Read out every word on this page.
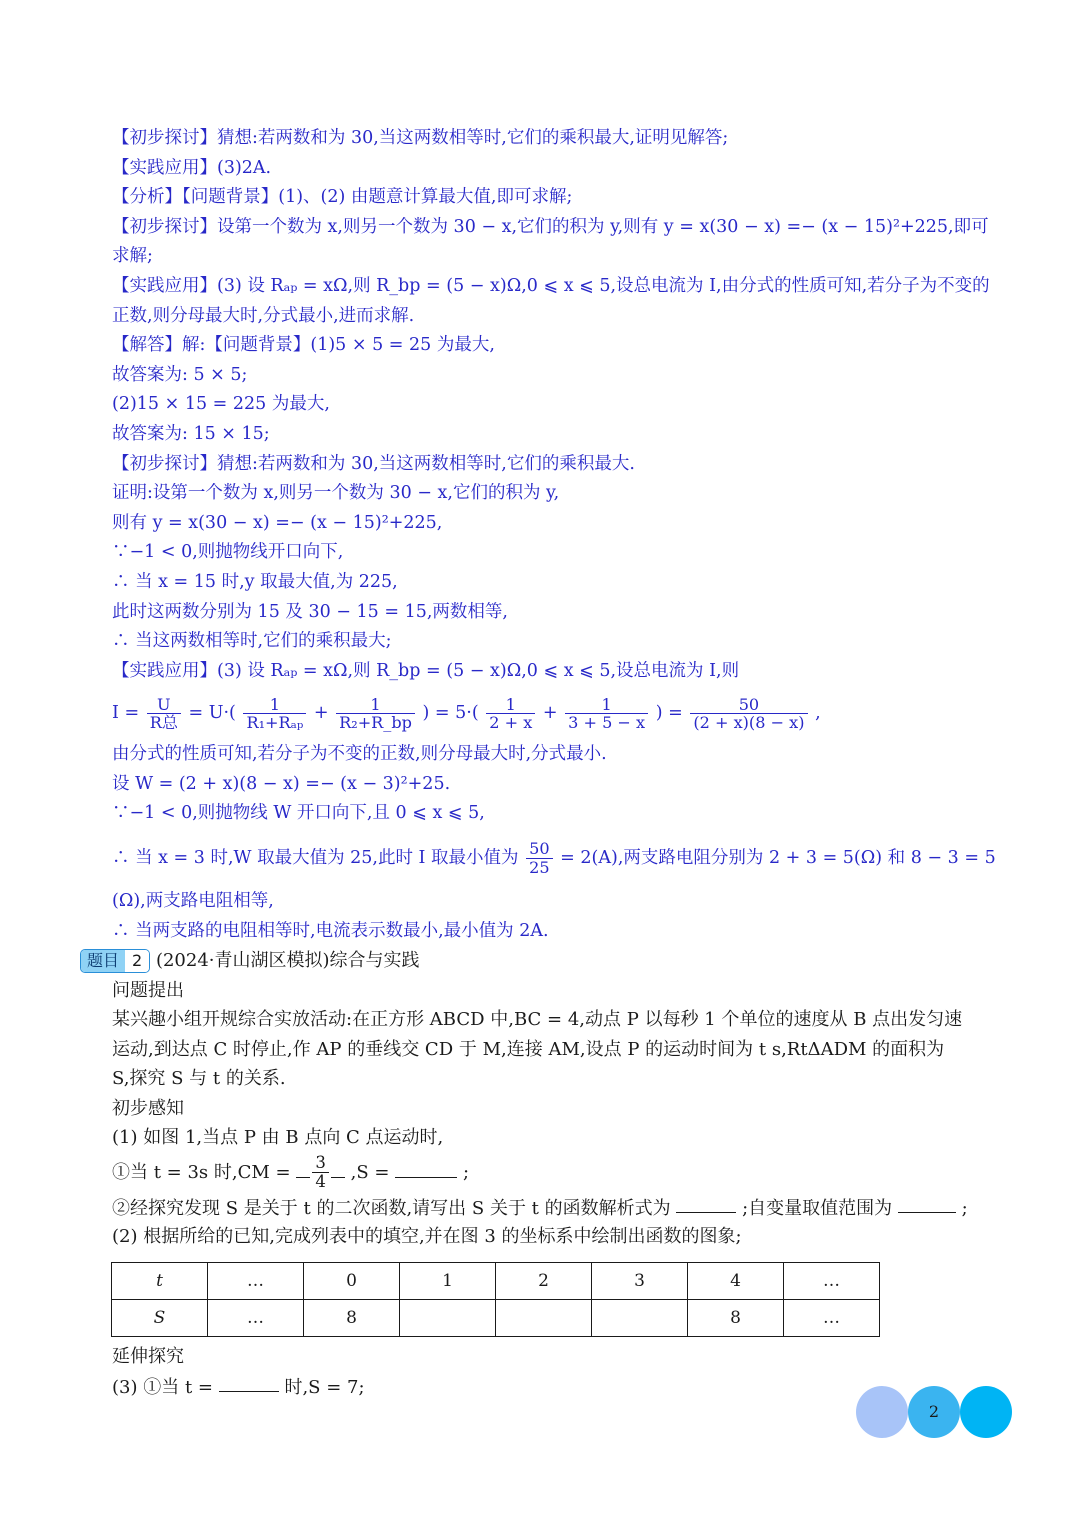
【初步探讨】猜想:若两数和为 30,当这两数相等时,它们的乘积最大,证明见解答;
【实践应用】(3)2A.
【分析】【问题背景】(1)、(2) 由题意计算最大值,即可求解;
【初步探讨】设第一个数为 x,则另一个数为 30 − x,它们的积为 y,则有 y = x(30 − x) =− (x − 15)²+225,即可
求解;
【实践应用】(3) 设 Rₐₚ = xΩ,则 R_bp = (5 − x)Ω,0 ⩽ x ⩽ 5,设总电流为 I,由分式的性质可知,若分子为不变的
正数,则分母最大时,分式最小,进而求解.
【解答】解:【问题背景】(1)5 × 5 = 25 为最大,
故答案为: 5 × 5;
(2)15 × 15 = 225 为最大,
故答案为: 15 × 15;
【初步探讨】猜想:若两数和为 30,当这两数相等时,它们的乘积最大.
证明:设第一个数为 x,则另一个数为 30 − x,它们的积为 y,
则有 y = x(30 − x) =− (x − 15)²+225,
∵−1 < 0,则抛物线开口向下,
∴ 当 x = 15 时,y 取最大值,为 225,
此时这两数分别为 15 及 30 − 15 = 15,两数相等,
∴ 当这两数相等时,它们的乘积最大;
【实践应用】(3) 设 Rₐₚ = xΩ,则 R_bp = (5 − x)Ω,0 ⩽ x ⩽ 5,设总电流为 I,则
I =	U
R总 = U·(	1
$R_1+R_{ap} + \frac{1}{\text{R₂+R\_bp}}$ ) = $5\cdot( \frac{1}{2 + x} + \frac{1}{3 + 5 - x}$ ) = $\frac{50}{(2 + x)(8 - x)}$ ,
由分式的性质可知,若分子为不变的正数,则分母最大时,分式最小.
设 W = (2 + x)(8 − x) =− (x − 3)²+25.
∵−1 < 0,则抛物线 W 开口向下,且 0 ⩽ x ⩽ 5,
∴ 当 x = 3 时,W 取最大值为 25,此时 I 取最小值为 $\frac{50}{25} = 2(A)$,两支路电阻分别为 2 + 3 = 5(Ω) 和 8 − 3 = 5
(Ω),两支路电阻相等,
∴ 当两支路的电阻相等时,电流表示数最小,最小值为 2A.
题目 2 (2024·青山湖区模拟)综合与实践
问题提出
某兴趣小组开规综合实放活动:在正方形 ABCD 中,BC = 4,动点 P 以每秒 1 个单位的速度从 B 点出发匀速
运动,到达点 C 时停止,作 AP 的垂线交 CD 于 M,连接 AM,设点 P 的运动时间为 t s,RtΔADM 的面积为
S,探究 S 与 t 的关系.
初步感知
(1) 如图 1,当点 P 由 B 点向 C 点运动时,
①当 t = 3s 时$,CM = \frac{3}{4} ,S$ =	;
②经探究发现 S 是关于 t 的二次函数,请写出 S 关于 t 的函数解析式为	;自变量取值范围为	;
(2) 根据所给的已知,完成列表中的填空,并在图 3 的坐标系中绘制出函数的图象;
t	…	0	1	2	3	4	…
S	…	8				8	…
延伸探究
(3) ①当 t =	时,S = 7;
2
